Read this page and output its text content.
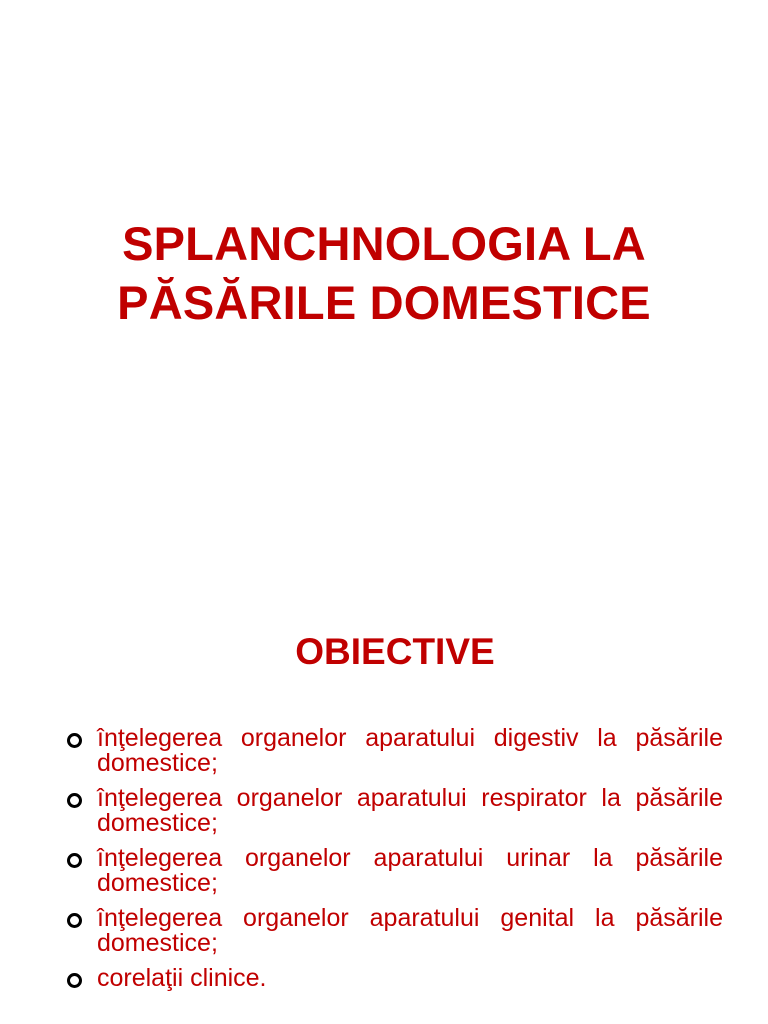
SPLANCHNOLOGIA LA
PĂSĂRILE DOMESTICE
OBIECTIVE
înţelegerea organelor aparatului digestiv la păsările domestice;
înţelegerea organelor aparatului respirator la păsările domestice;
înţelegerea organelor aparatului urinar la păsările domestice;
înţelegerea organelor aparatului genital la păsările domestice;
corelaţii clinice.
